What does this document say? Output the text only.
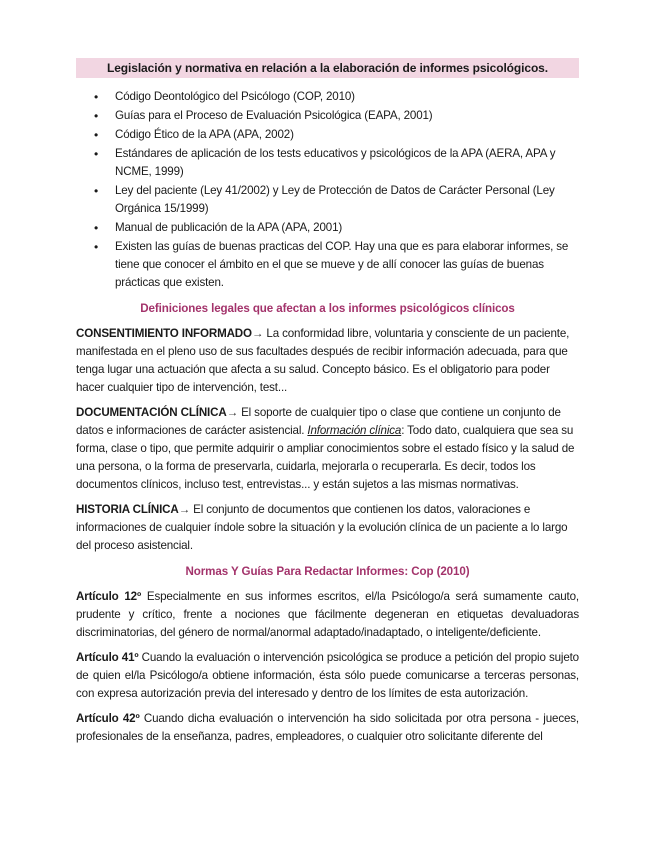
Legislación y normativa en relación a la elaboración de informes psicológicos.
• Código Deontológico del Psicólogo (COP, 2010)
• Guías para el Proceso de Evaluación Psicológica (EAPA, 2001)
• Código Ético de la APA (APA, 2002)
• Estándares de aplicación de los tests educativos y psicológicos de la APA (AERA, APA y NCME, 1999)
• Ley del paciente (Ley 41/2002) y Ley de Protección de Datos de Carácter Personal (Ley Orgánica 15/1999)
• Manual de publicación de la APA (APA, 2001)
• Existen las guías de buenas practicas del COP. Hay una que es para elaborar informes, se tiene que conocer el ámbito en el que se mueve y de allí conocer las guías de buenas prácticas que existen.
Definiciones legales que afectan a los informes psicológicos clínicos

CONSENTIMIENTO INFORMADO→ La conformidad libre, voluntaria y consciente de un paciente, manifestada en el pleno uso de sus facultades después de recibir información adecuada, para que tenga lugar una actuación que afecta a su salud. Concepto básico. Es el obligatorio para poder hacer cualquier tipo de intervención, test...

DOCUMENTACIÓN CLÍNICA→ El soporte de cualquier tipo o clase que contiene un conjunto de datos e informaciones de carácter asistencial. Información clínica: Todo dato, cualquiera que sea su forma, clase o tipo, que permite adquirir o ampliar conocimientos sobre el estado físico y la salud de una persona, o la forma de preservarla, cuidarla, mejorarla o recuperarla. Es decir, todos los documentos clínicos, incluso test, entrevistas... y están sujetos a las mismas normativas.

HISTORIA CLÍNICA→ El conjunto de documentos que contienen los datos, valoraciones e informaciones de cualquier índole sobre la situación y la evolución clínica de un paciente a lo largo del proceso asistencial.

Normas Y Guías Para Redactar Informes: Cop (2010)

Artículo 12º Especialmente en sus informes escritos, el/la Psicólogo/a será sumamente cauto, prudente y crítico, frente a nociones que fácilmente degeneran en etiquetas devaluadoras discriminatorias, del género de normal/anormal adaptado/inadaptado, o inteligente/deficiente.

Artículo 41º Cuando la evaluación o intervención psicológica se produce a petición del propio sujeto de quien el/la Psicólogo/a obtiene información, ésta sólo puede comunicarse a terceras personas, con expresa autorización previa del interesado y dentro de los límites de esta autorización.

Artículo 42º Cuando dicha evaluación o intervención ha sido solicitada por otra persona - jueces, profesionales de la enseñanza, padres, empleadores, o cualquier otro solicitante diferente del
